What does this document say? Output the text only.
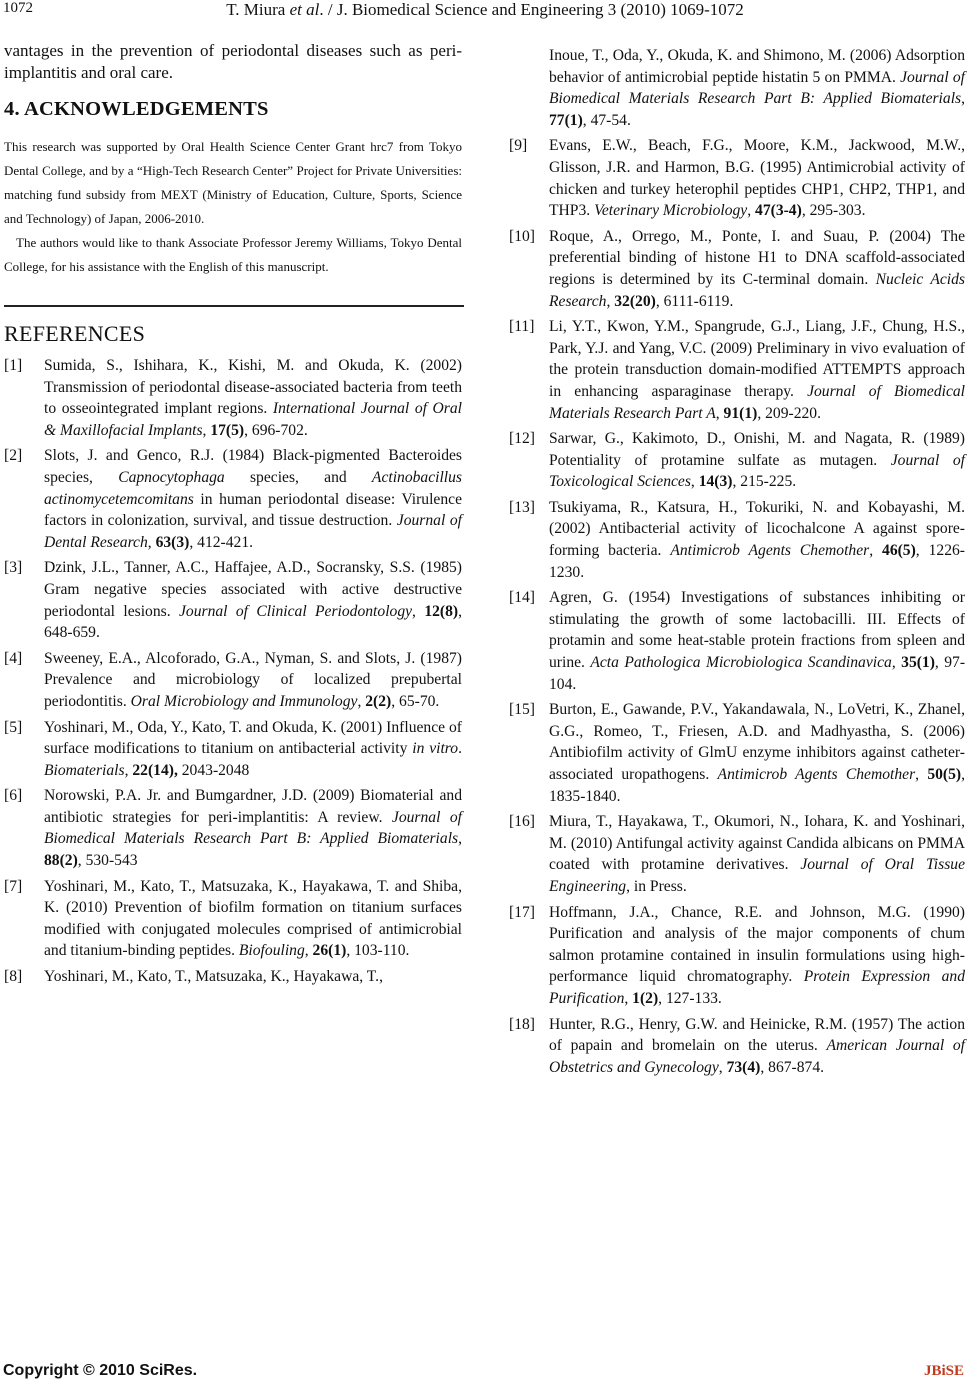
1072	T. Miura et al. / J. Biomedical Science and Engineering 3 (2010) 1069-1072

vantages in the prevention of periodontal diseases such as peri-implantitis and oral care.

4. ACKNOWLEDGEMENTS

This research was supported by Oral Health Science Center Grant hrc7 from Tokyo Dental College, and by a “High-Tech Research Center” Project for Private Universities: matching fund subsidy from MEXT (Ministry of Education, Culture, Sports, Science and Technology) of Japan, 2006-2010.

The authors would like to thank Associate Professor Jeremy Williams, Tokyo Dental College, for his assistance with the English of this manuscript.

REFERENCES
[1] Sumida, S., Ishihara, K., Kishi, M. and Okuda, K. (2002) Transmission of periodontal disease-associated bacteria from teeth to osseointegrated implant regions. International Journal of Oral & Maxillofacial Implants, 17(5), 696-702.
[2] Slots, J. and Genco, R.J. (1984) Black-pigmented Bacteroides species, Capnocytophaga species, and Actinobacillus actinomycetemcomitans in human periodontal disease: Virulence factors in colonization, survival, and tissue destruction. Journal of Dental Research, 63(3), 412-421.
[3] Dzink, J.L., Tanner, A.C., Haffajee, A.D., Socransky, S.S. (1985) Gram negative species associated with active destructive periodontal lesions. Journal of Clinical Periodontology, 12(8), 648-659.
[4] Sweeney, E.A., Alcoforado, G.A., Nyman, S. and Slots, J. (1987) Prevalence and microbiology of localized prepubertal periodontitis. Oral Microbiology and Immunology, 2(2), 65-70.
[5] Yoshinari, M., Oda, Y., Kato, T. and Okuda, K. (2001) Influence of surface modifications to titanium on antibacterial activity in vitro. Biomaterials, 22(14), 2043-2048
[6] Norowski, P.A. Jr. and Bumgardner, J.D. (2009) Biomaterial and antibiotic strategies for peri-implantitis: A review. Journal of Biomedical Materials Research Part B: Applied Biomaterials, 88(2), 530-543
[7] Yoshinari, M., Kato, T., Matsuzaka, K., Hayakawa, T. and Shiba, K. (2010) Prevention of biofilm formation on titanium surfaces modified with conjugated molecules comprised of antimicrobial and titanium-binding peptides. Biofouling, 26(1), 103-110.
[8] Yoshinari, M., Kato, T., Matsuzaka, K., Hayakawa, T.,
Inoue, T., Oda, Y., Okuda, K. and Shimono, M. (2006) Adsorption behavior of antimicrobial peptide histatin 5 on PMMA. Journal of Biomedical Materials Research Part B: Applied Biomaterials, 77(1), 47-54.
[9] Evans, E.W., Beach, F.G., Moore, K.M., Jackwood, M.W., Glisson, J.R. and Harmon, B.G. (1995) Antimicrobial activity of chicken and turkey heterophil peptides CHP1, CHP2, THP1, and THP3. Veterinary Microbiology, 47(3-4), 295-303.
[10] Roque, A., Orrego, M., Ponte, I. and Suau, P. (2004) The preferential binding of histone H1 to DNA scaffold-associated regions is determined by its C-terminal domain. Nucleic Acids Research, 32(20), 6111-6119.
[11] Li, Y.T., Kwon, Y.M., Spangrude, G.J., Liang, J.F., Chung, H.S., Park, Y.J. and Yang, V.C. (2009) Preliminary in vivo evaluation of the protein transduction domain-modified ATTEMPTS approach in enhancing asparaginase therapy. Journal of Biomedical Materials Research Part A, 91(1), 209-220.
[12] Sarwar, G., Kakimoto, D., Onishi, M. and Nagata, R. (1989) Potentiality of protamine sulfate as mutagen. Journal of Toxicological Sciences, 14(3), 215-225.
[13] Tsukiyama, R., Katsura, H., Tokuriki, N. and Kobayashi, M. (2002) Antibacterial activity of licochalcone A against spore-forming bacteria. Antimicrob Agents Chemother, 46(5), 1226-1230.
[14] Agren, G. (1954) Investigations of substances inhibiting or stimulating the growth of some lactobacilli. III. Effects of protamin and some heat-stable protein fractions from spleen and urine. Acta Pathologica Microbiologica Scandinavica, 35(1), 97-104.
[15] Burton, E., Gawande, P.V., Yakandawala, N., LoVetri, K., Zhanel, G.G., Romeo, T., Friesen, A.D. and Madhyastha, S. (2006) Antibiofilm activity of GlmU enzyme inhibitors against catheter-associated uropathogens. Antimicrob Agents Chemother, 50(5), 1835-1840.
[16] Miura, T., Hayakawa, T., Okumori, N., Iohara, K. and Yoshinari, M. (2010) Antifungal activity against Candida albicans on PMMA coated with protamine derivatives. Journal of Oral Tissue Engineering, in Press.
[17] Hoffmann, J.A., Chance, R.E. and Johnson, M.G. (1990) Purification and analysis of the major components of chum salmon protamine contained in insulin formulations using high-performance liquid chromatography. Protein Expression and Purification, 1(2), 127-133.
[18] Hunter, R.G., Henry, G.W. and Heinicke, R.M. (1957) The action of papain and bromelain on the uterus. American Journal of Obstetrics and Gynecology, 73(4), 867-874.
Copyright © 2010 SciRes.	JBiSE
